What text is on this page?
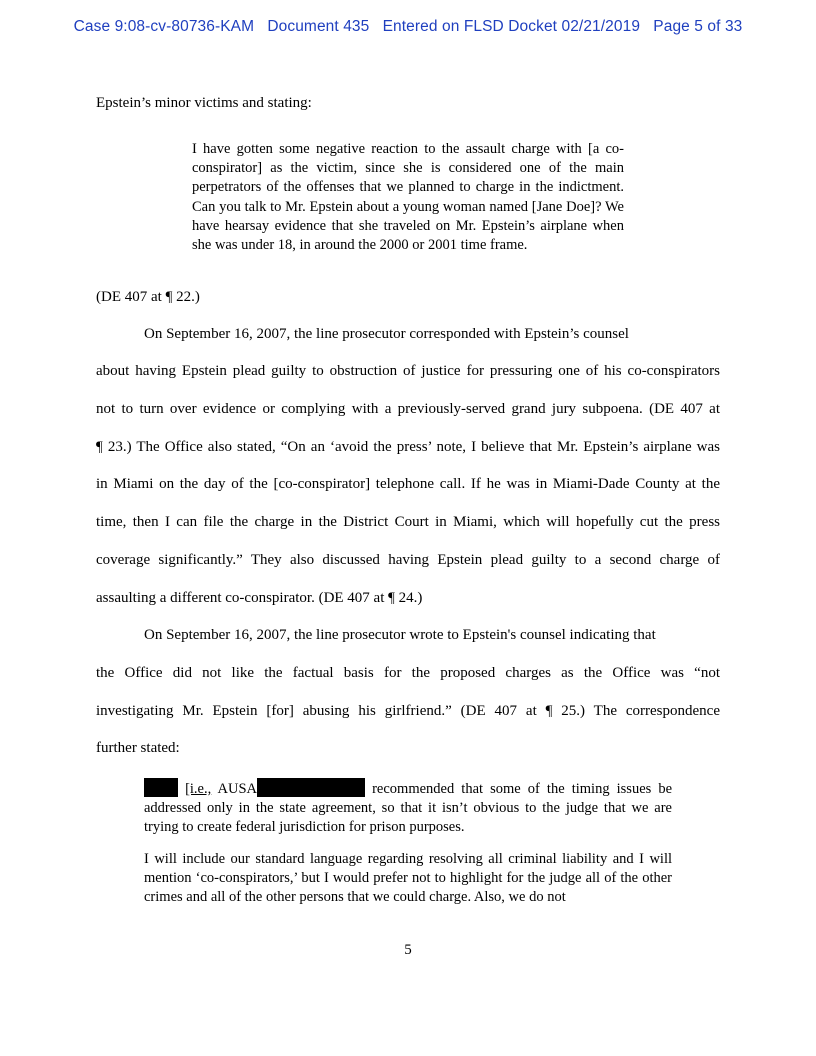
Case 9:08-cv-80736-KAM   Document 435   Entered on FLSD Docket 02/21/2019   Page 5 of 33
Epstein’s minor victims and stating:
I have gotten some negative reaction to the assault charge with [a co-conspirator] as the victim, since she is considered one of the main perpetrators of the offenses that we planned to charge in the indictment. Can you talk to Mr. Epstein about a young woman named [Jane Doe]? We have hearsay evidence that she traveled on Mr. Epstein’s airplane when she was under 18, in around the 2000 or 2001 time frame.
(DE 407 at ¶ 22.)
On September 16, 2007, the line prosecutor corresponded with Epstein’s counsel
about having Epstein plead guilty to obstruction of justice for pressuring one of his co-conspirators
not to turn over evidence or complying with a previously-served grand jury subpoena. (DE 407 at
¶ 23.) The Office also stated, “On an ‘avoid the press’ note, I believe that Mr. Epstein’s airplane was
in Miami on the day of the [co-conspirator] telephone call. If he was in Miami-Dade County at the
time, then I can file the charge in the District Court in Miami, which will hopefully cut the press
coverage significantly.” They also discussed having Epstein plead guilty to a second charge of
assaulting a different co-conspirator. (DE 407 at ¶ 24.)
On September 16, 2007, the line prosecutor wrote to Epstein's counsel indicating that
the Office did not like the factual basis for the proposed charges as the Office was “not
investigating Mr. Epstein [for] abusing his girlfriend.” (DE 407 at ¶ 25.) The correspondence
further stated:
[i.e., AUSA	recommended that some of the timing issues be addressed only in the state agreement, so that it isn’t obvious to the judge that we are trying to create federal jurisdiction for prison purposes.
I will include our standard language regarding resolving all criminal liability and I will mention ‘co-conspirators,’ but I would prefer not to highlight for the judge all of the other crimes and all of the other persons that we could charge. Also, we do not
5
